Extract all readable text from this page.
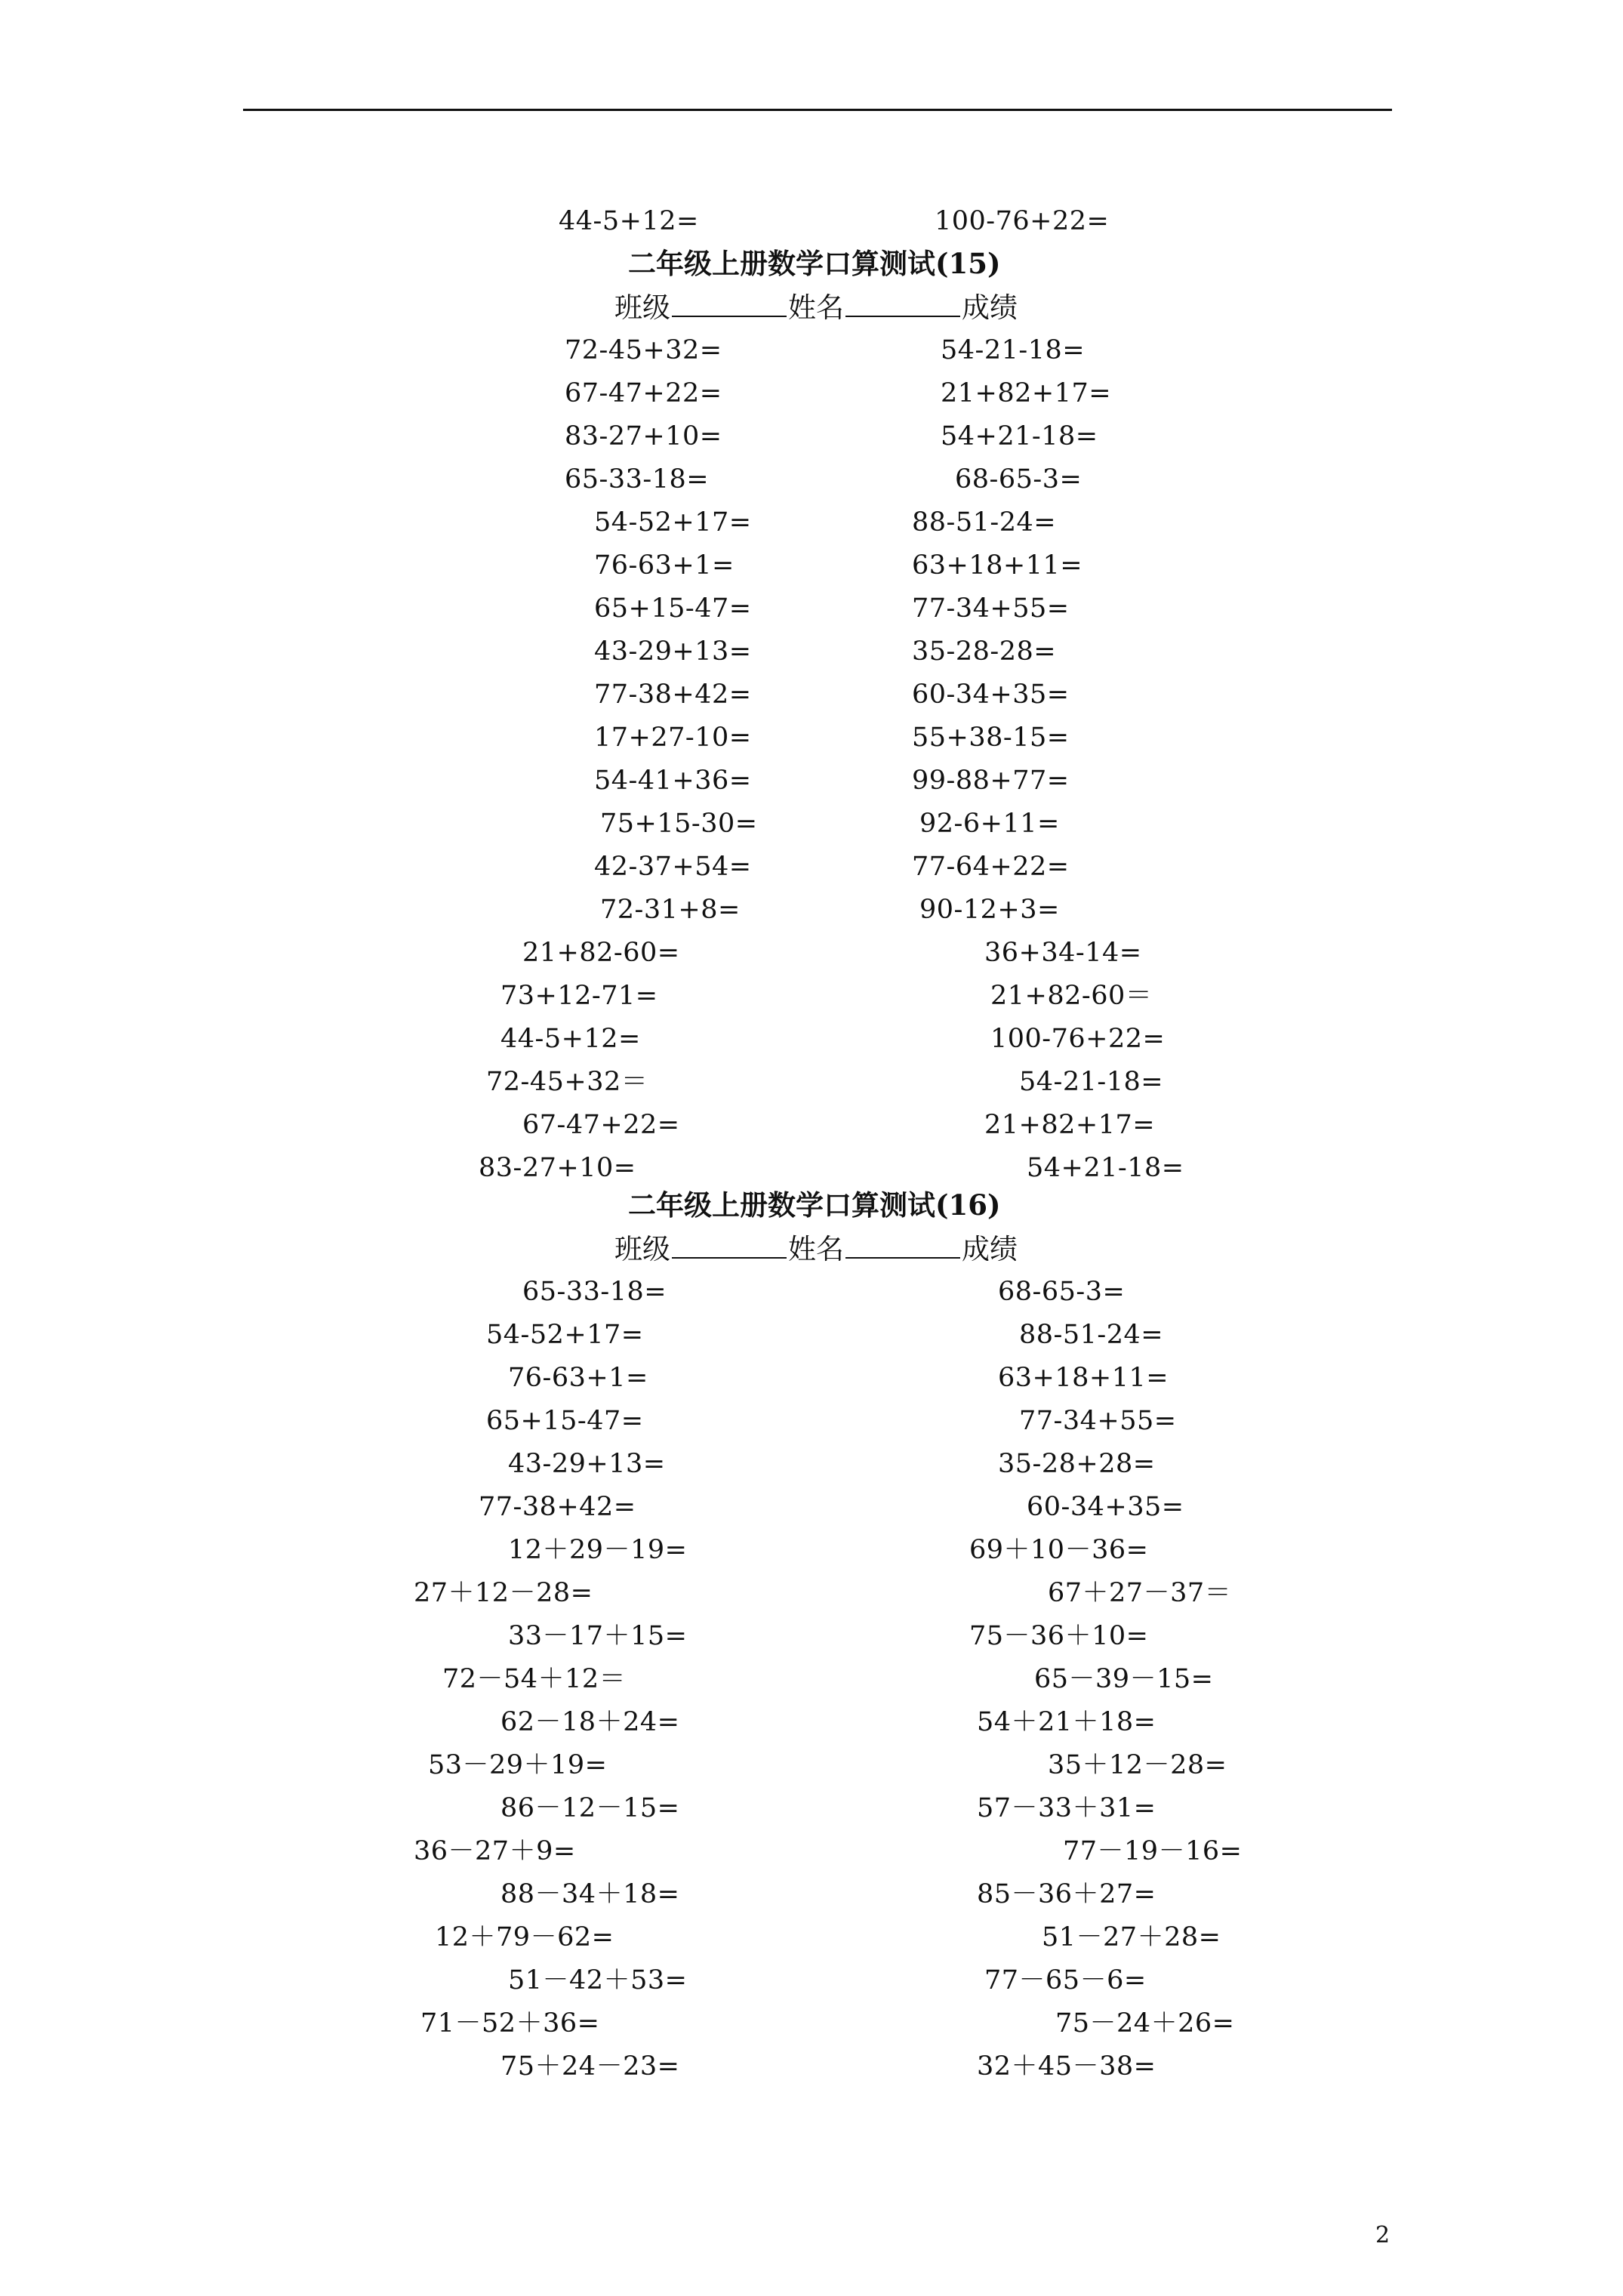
44-5+12=	100-76+22=
二年级上册数学口算测试(15)
班级	姓名	成绩
72-45+32=	54-21-18=
67-47+22=	21+82+17=
83-27+10=	54+21-18=
65-33-18=	68-65-3=
54-52+17=	88-51-24=
76-63+1=	63+18+11=
65+15-47=	77-34+55=
43-29+13=	35-28-28=
77-38+42=	60-34+35=
17+27-10=	55+38-15=
54-41+36=	99-88+77=
75+15-30=	92-6+11=
42-37+54=	77-64+22=
72-31+8=	90-12+3=
21+82-60=	36+34-14=
73+12-71=	21+82-60＝
44-5+12=	100-76+22=
72-45+32＝	54-21-18=
67-47+22=	21+82+17=
83-27+10=	54+21-18=
二年级上册数学口算测试(16)
班级	姓名	成绩
65-33-18=	68-65-3=
54-52+17=	88-51-24=
76-63+1=	63+18+11=
65+15-47=	77-34+55=
43-29+13=	35-28+28=
77-38+42=	60-34+35=
12＋29－19=	69＋10－36=
27＋12－28=	67＋27－37＝
33－17＋15=	75－36＋10=
72－54＋12＝	65－39－15=
62－18＋24=	54＋21＋18=
53－29＋19=	35＋12－28=
86－12－15=	57－33＋31=
36－27＋9=	77－19－16=
88－34＋18=	85－36＋27=
12＋79－62=	51－27＋28=
51－42＋53=	77－65－6=
71－52＋36=	75－24＋26=
75＋24－23=	32＋45－38=
2
